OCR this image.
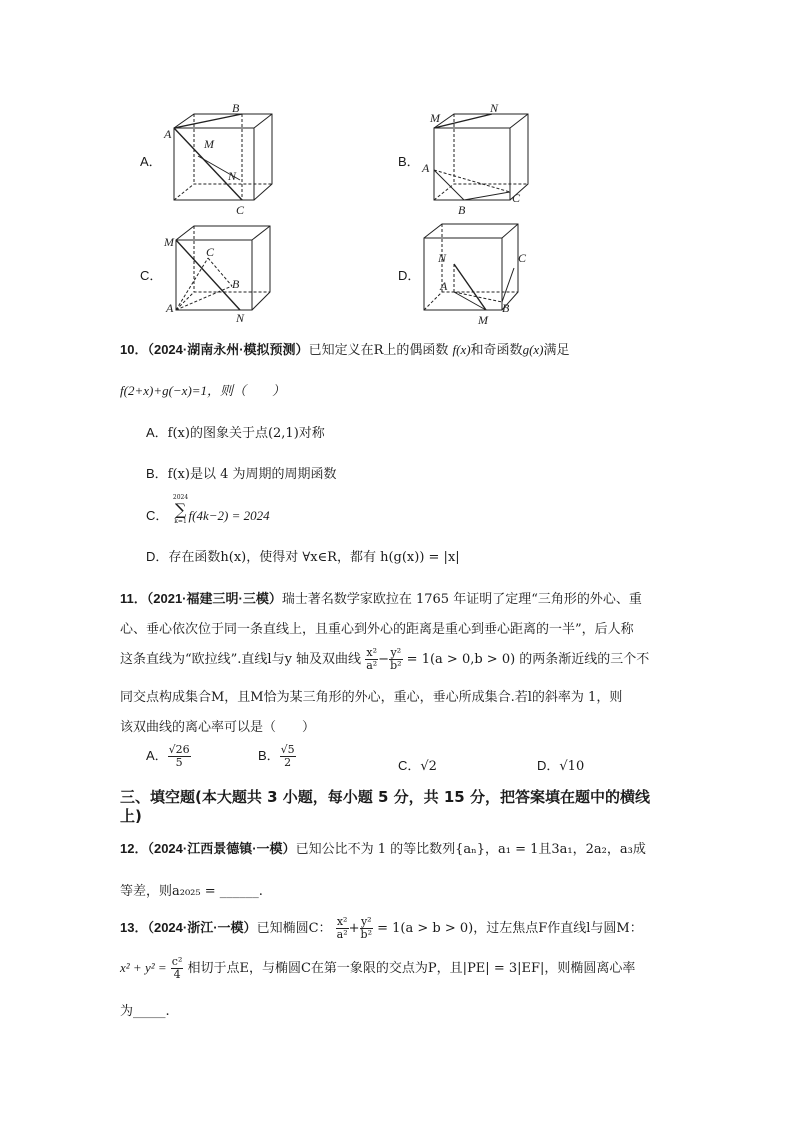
A．
A
B
M
N
C
B．
M
N
A
B
C
C．
M
C
B
A
N
D．
N	C
A
B
M
10．（2024·湖南永州·模拟预测）已知定义在R上的偶函数 f(x)和奇函数g(x)满足
f(2+x)+g(−x)=1，则（　　）
A．f(x)的图象关于点(2,1)对称
B．f(x)是以 4 为周期的周期函数
C．
2024
∑
k=1 f(4k−2) = 2024
D．存在函数h(x)，使得对 ∀x∈R，都有 h(g(x)) = |x|
11．（2021·福建三明·三模）瑞士著名数学家欧拉在 1765 年证明了定理“三角形的外心、重
心、垂心依次位于同一条直线上，且重心到外心的距离是重心到垂心距离的一半”，后人称
这条直线为“欧拉线”.直线l与y 轴及双曲线 $\frac{\text{x²}}{\text{a²}} - \frac{\text{y²}}{\text{b²}} = 1(a > 0,b > 0)$ 的两条渐近线的三个不
同交点构成集合M，且M恰为某三角形的外心，重心，垂心所成集合.若l的斜率为 1，则
该双曲线的离心率可以是（　　）
A． $\frac{√26}{5}$	B． $\frac{√5}{2}$	C．√2	D．√10
三、填空题(本大题共 3 小题，每小题 5 分，共 15 分，把答案填在题中的横线
上)
12．（2024·江西景德镇·一模）已知公比不为 1 的等比数列{aₙ}，a₁ = 1且3a₁，2a₂，a₃成
等差，则a₂₀₂₅ = ______.
13．（2024·浙江·一模）已知椭圆C： $\frac{\text{x²}}{\text{a²}} + \frac{\text{y²}}{\text{b²}} = 1(a > b > 0)$，过左焦点F作直线l与圆M：
$x^2 + y^2 = \frac{\text{c²}}{4}$ 相切于点E，与椭圆C在第一象限的交点为P，且|PE| = 3|EF|，则椭圆离心率
为_____.
